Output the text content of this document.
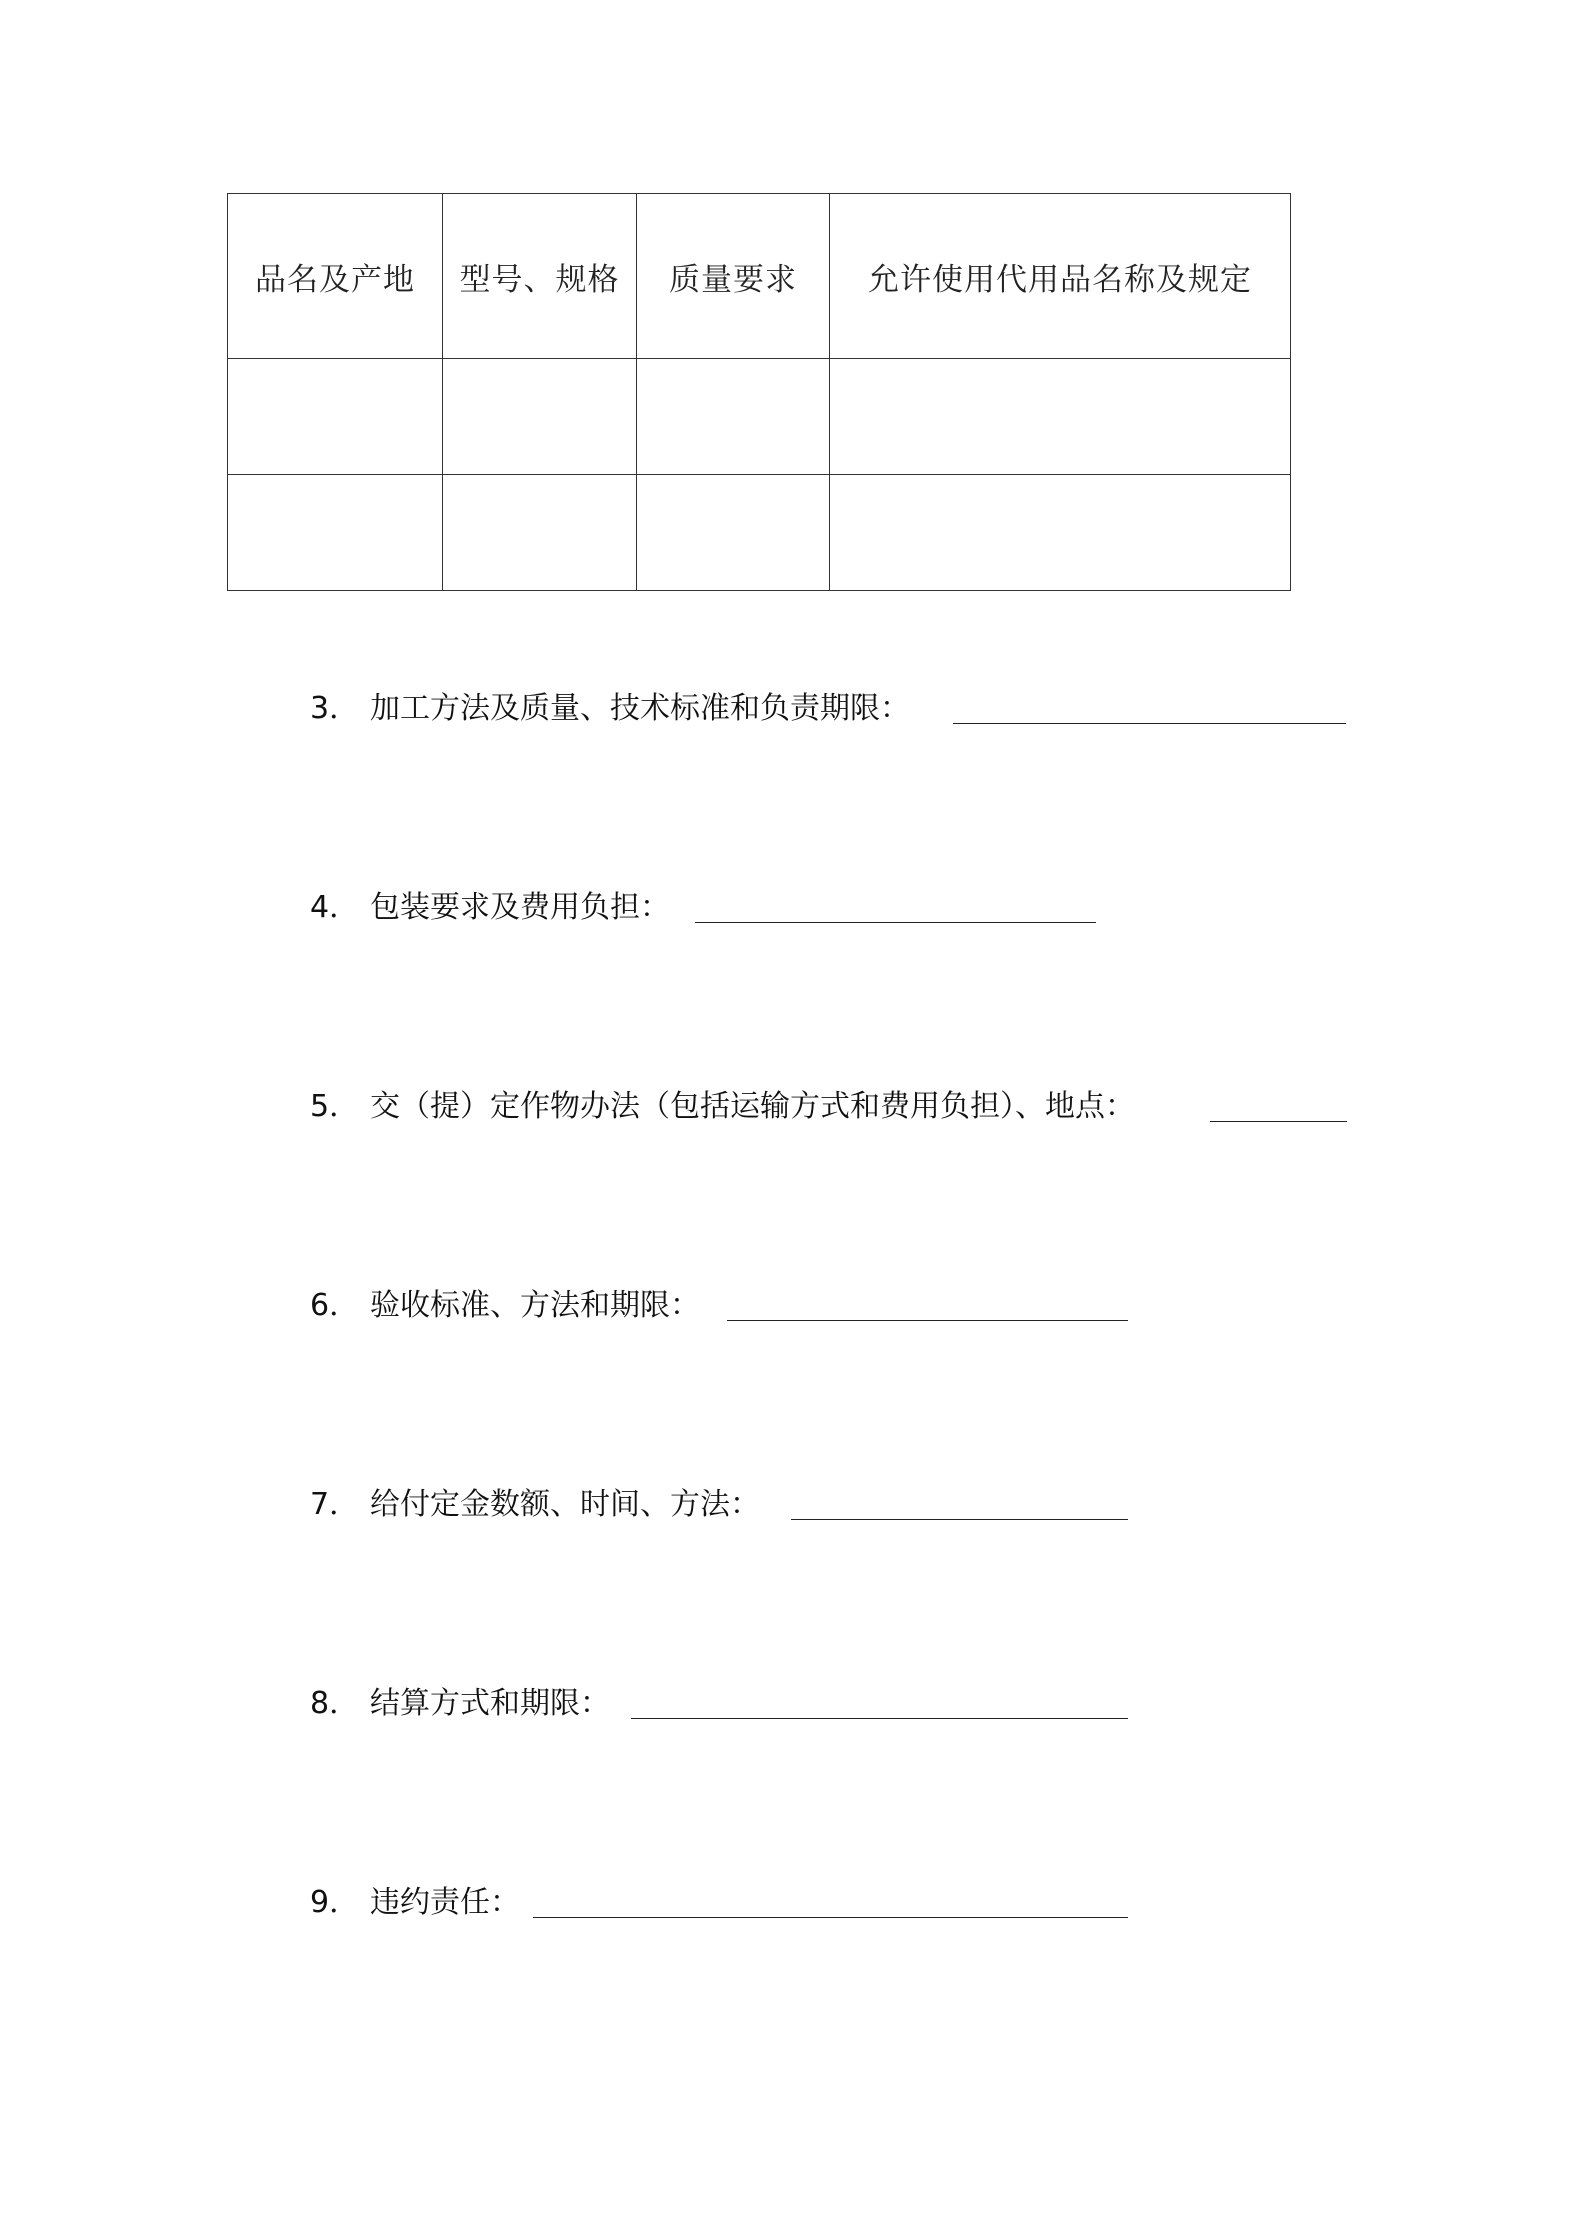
品名及产地	型号、规格	质量要求	允许使用代用品名称及规定

3． 加工方法及质量、技术标准和负责期限：
4． 包装要求及费用负担：
5． 交（提）定作物办法（包括运输方式和费用负担）、地点：
6． 验收标准、方法和期限：
7． 给付定金数额、时间、方法：
8． 结算方式和期限：
9． 违约责任：
